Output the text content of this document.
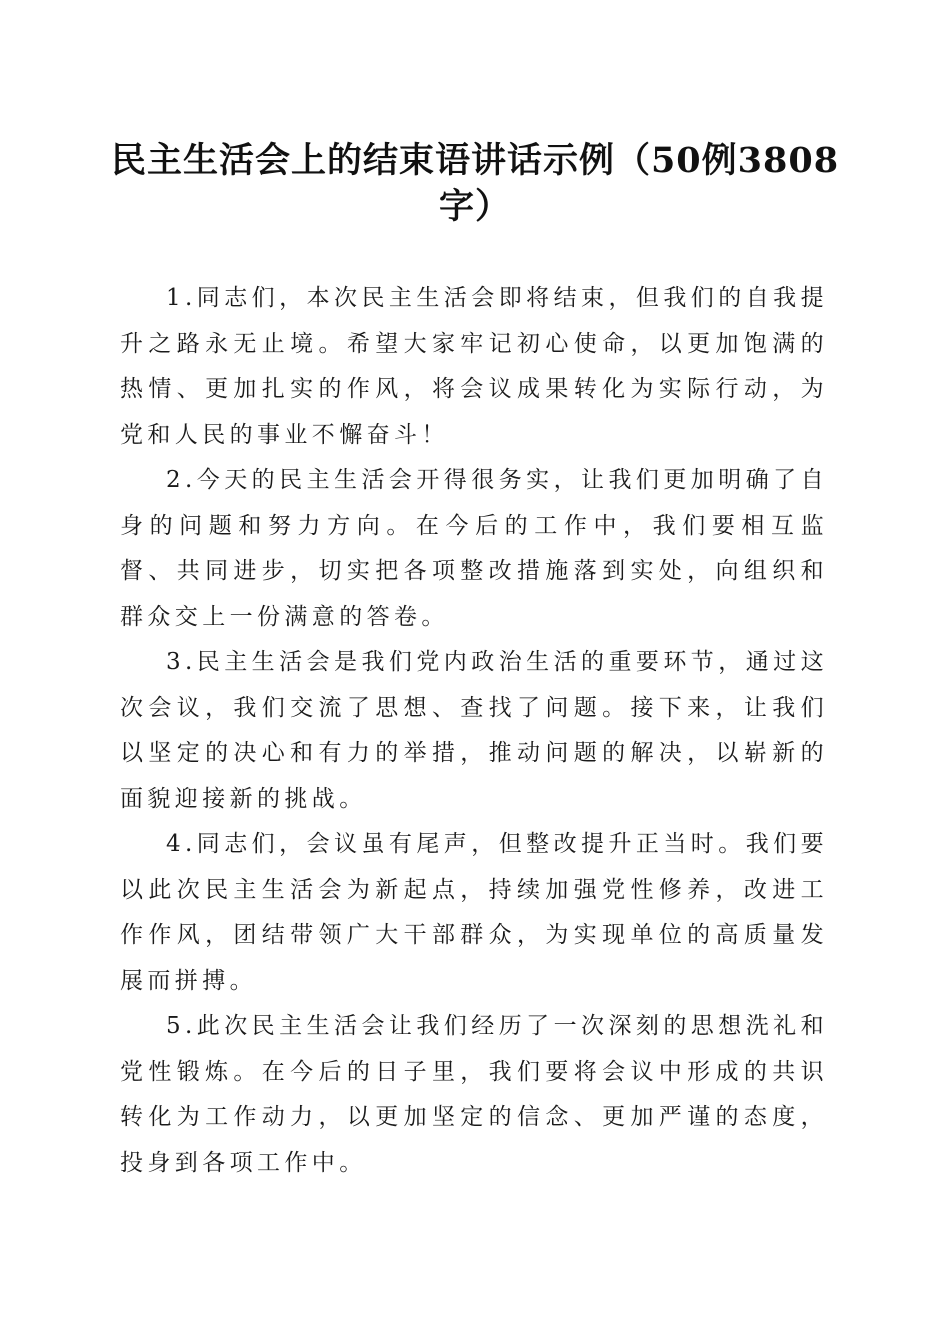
民主生活会上的结束语讲话示例（50例3808字）

1.同志们，本次民主生活会即将结束，但我们的自我提升之路永无止境。希望大家牢记初心使命，以更加饱满的热情、更加扎实的作风，将会议成果转化为实际行动，为党和人民的事业不懈奋斗！

2.今天的民主生活会开得很务实，让我们更加明确了自身的问题和努力方向。在今后的工作中，我们要相互监督、共同进步，切实把各项整改措施落到实处，向组织和群众交上一份满意的答卷。

3.民主生活会是我们党内政治生活的重要环节，通过这次会议，我们交流了思想、查找了问题。接下来，让我们以坚定的决心和有力的举措，推动问题的解决，以崭新的面貌迎接新的挑战。

4.同志们，会议虽有尾声，但整改提升正当时。我们要以此次民主生活会为新起点，持续加强党性修养，改进工作作风，团结带领广大干部群众，为实现单位的高质量发展而拼搏。

5.此次民主生活会让我们经历了一次深刻的思想洗礼和党性锻炼。在今后的日子里，我们要将会议中形成的共识转化为工作动力，以更加坚定的信念、更加严谨的态度，投身到各项工作中。
